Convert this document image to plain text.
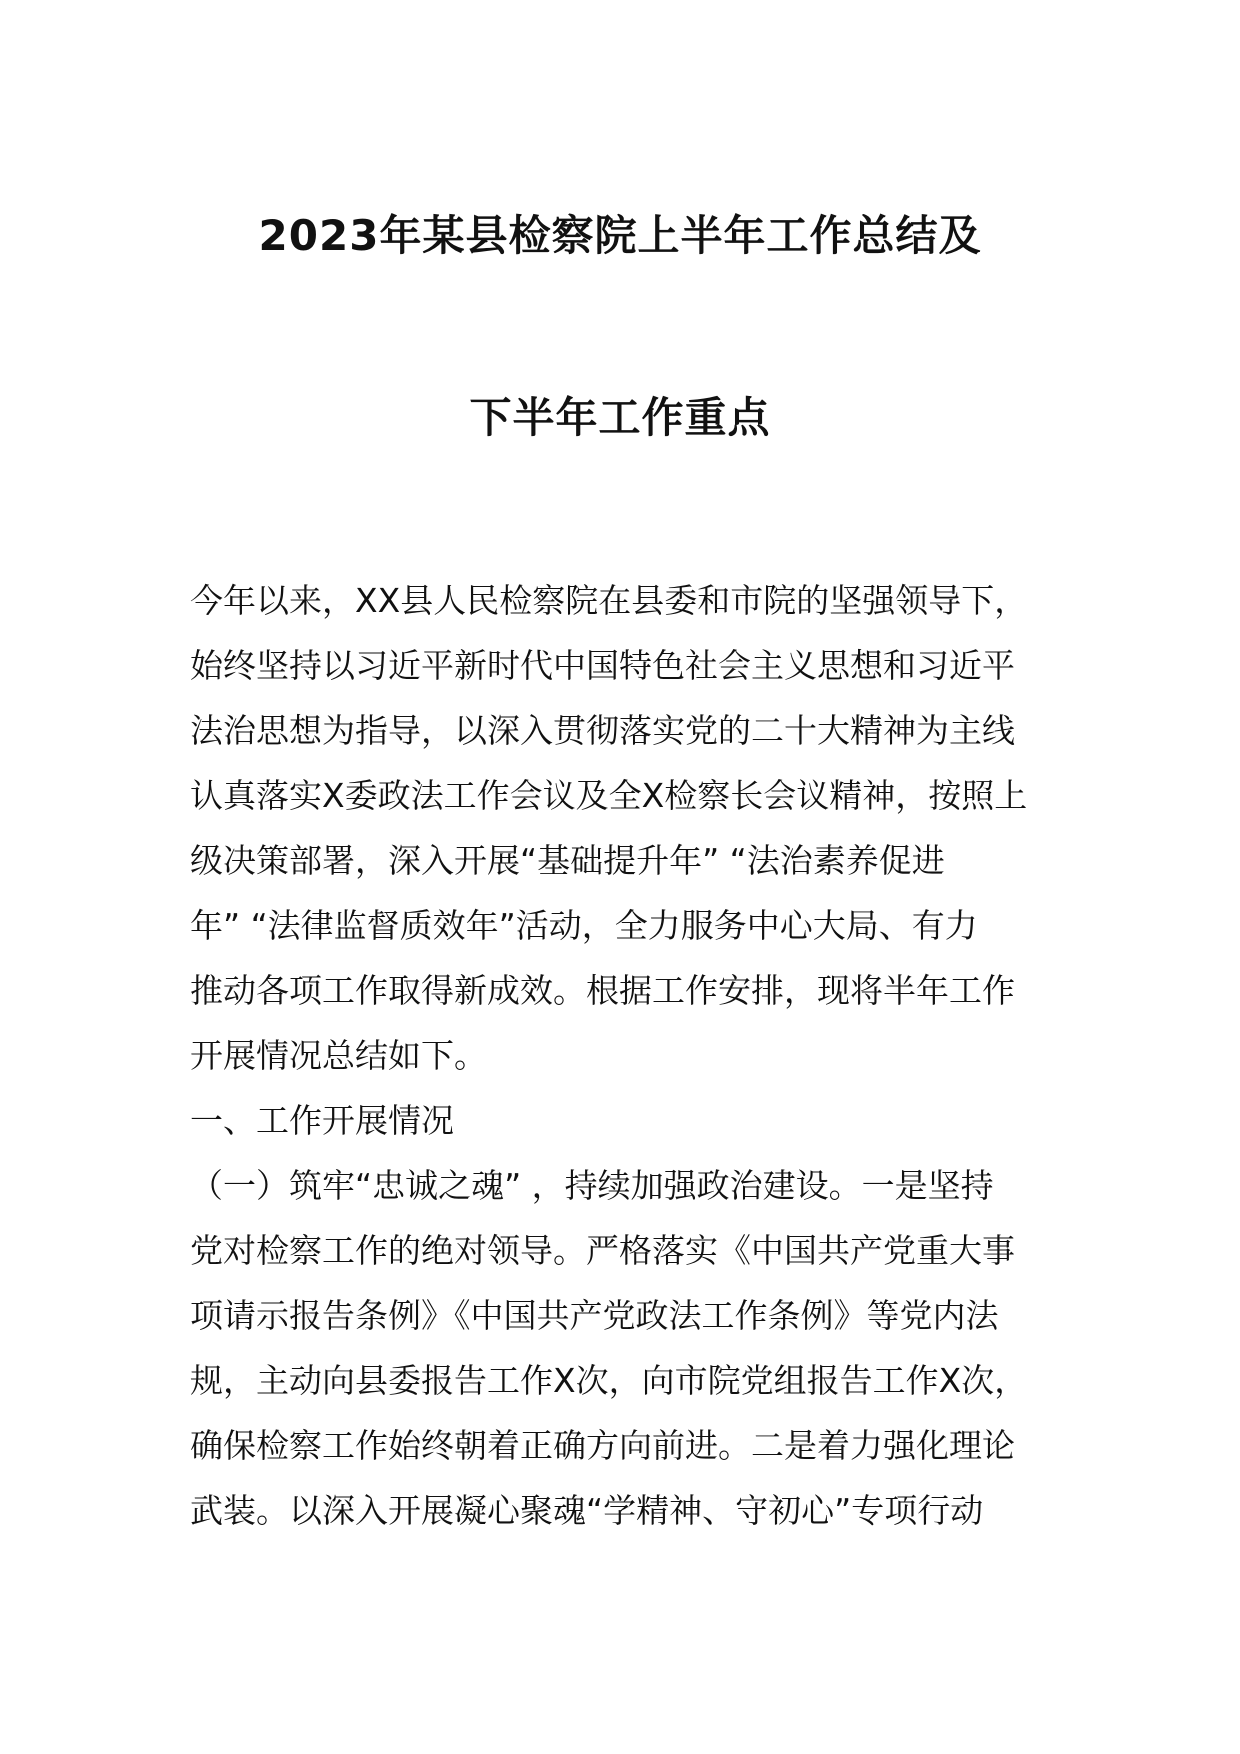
2023年某县检察院上半年工作总结及
下半年工作重点
今年以来，XX县人民检察院在县委和市院的坚强领导下，
始终坚持以习近平新时代中国特色社会主义思想和习近平
法治思想为指导，以深入贯彻落实党的二十大精神为主线
认真落实X委政法工作会议及全X检察长会议精神，按照上
级决策部署，深入开展“基础提升年” “法治素养促进
年” “法律监督质效年”活动，全力服务中心大局、有力
推动各项工作取得新成效。根据工作安排，现将半年工作
开展情况总结如下。
一、工作开展情况
（一）筑牢“忠诚之魂” ，持续加强政治建设。一是坚持
党对检察工作的绝对领导。严格落实《中国共产党重大事
项请示报告条例》《中国共产党政法工作条例》等党内法
规，主动向县委报告工作X次，向市院党组报告工作X次，
确保检察工作始终朝着正确方向前进。二是着力强化理论
武装。以深入开展凝心聚魂“学精神、守初心”专项行动
